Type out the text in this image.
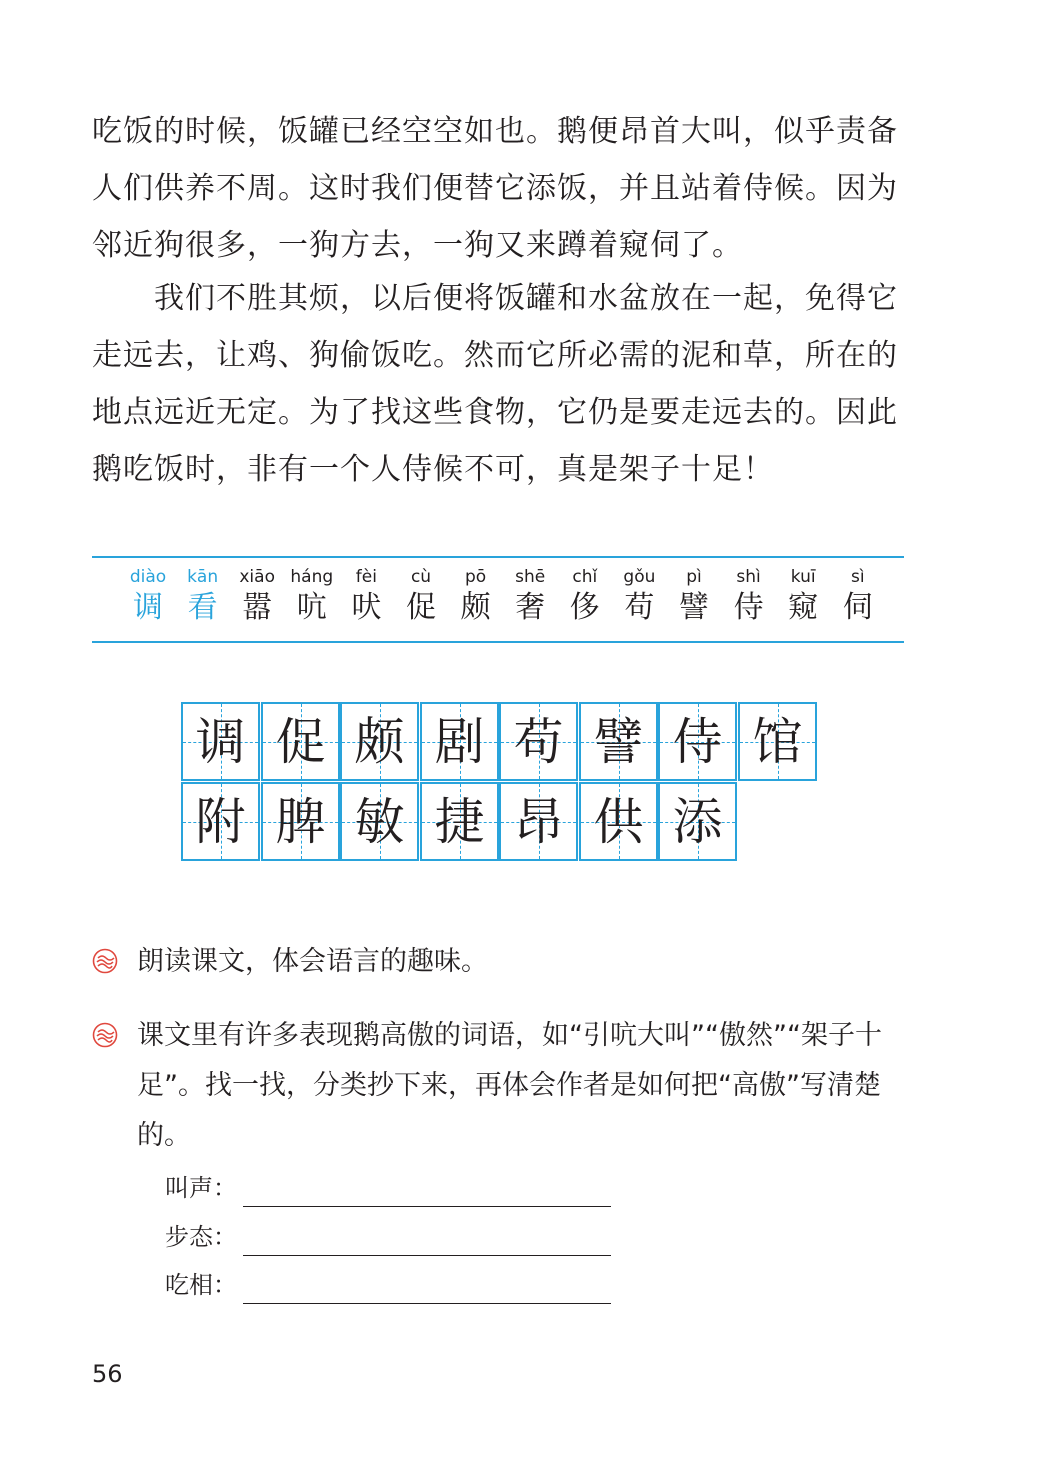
吃饭的时候，饭罐已经空空如也。鹅便昂首大叫，似乎责备人们供养不周。这时我们便替它添饭，并且站着侍候。因为邻近狗很多，一狗方去，一狗又来蹲着窥伺了。

我们不胜其烦，以后便将饭罐和水盆放在一起，免得它走远去，让鸡、狗偷饭吃。然而它所必需的泥和草，所在的地点远近无定。为了找这些食物，它仍是要走远去的。因此鹅吃饭时，非有一个人侍候不可，真是架子十足！

diào
调
kān
看
xiāo
嚣
háng
吭
fèi
吠
cù
促
pō
颇
shē
奢
chǐ
侈
gǒu
苟
pì
譬
shì
侍
kuī
窥
sì
伺
调 促 颇 剧 苟 譬 侍 馆
附 脾 敏 捷 昂 供 添

朗读课文，体会语言的趣味。

课文里有许多表现鹅高傲的词语，如“引吭大叫”“傲然”“架子十足”。找一找，分类抄下来，再体会作者是如何把“高傲”写清楚的。

叫声：
步态：
吃相：
56
